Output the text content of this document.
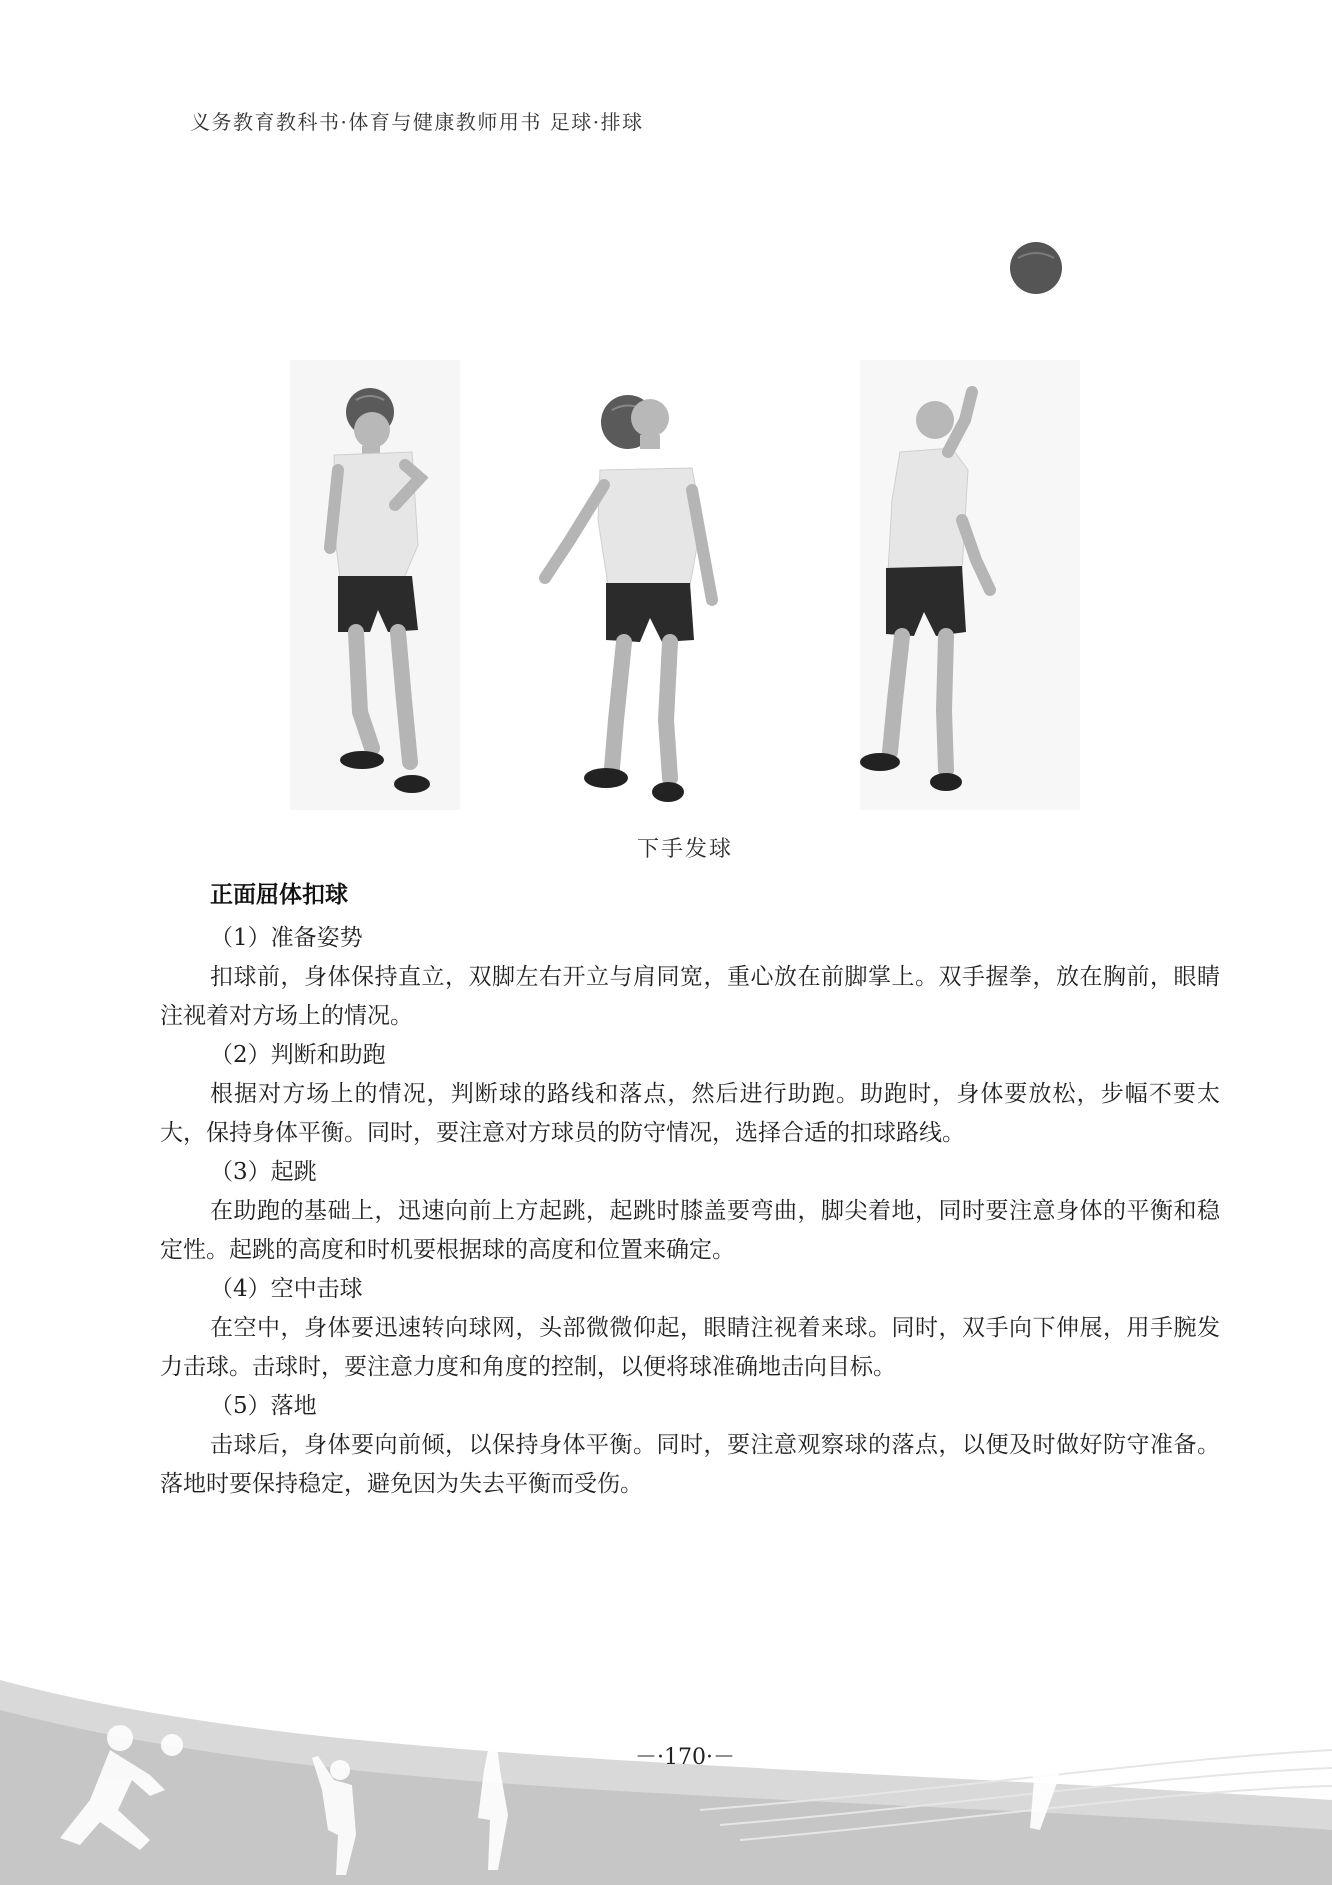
义务教育教科书·体育与健康教师用书 足球·排球
下手发球
正面屈体扣球
（1）准备姿势

扣球前，身体保持直立，双脚左右开立与肩同宽，重心放在前脚掌上。双手握拳，放在胸前，眼睛注视着对方场上的情况。

（2）判断和助跑

根据对方场上的情况，判断球的路线和落点，然后进行助跑。助跑时，身体要放松，步幅不要太大，保持身体平衡。同时，要注意对方球员的防守情况，选择合适的扣球路线。

（3）起跳

在助跑的基础上，迅速向前上方起跳，起跳时膝盖要弯曲，脚尖着地，同时要注意身体的平衡和稳定性。起跳的高度和时机要根据球的高度和位置来确定。

（4）空中击球

在空中，身体要迅速转向球网，头部微微仰起，眼睛注视着来球。同时，双手向下伸展，用手腕发力击球。击球时，要注意力度和角度的控制，以便将球准确地击向目标。

（5）落地

击球后，身体要向前倾，以保持身体平衡。同时，要注意观察球的落点，以便及时做好防守准备。落地时要保持稳定，避免因为失去平衡而受伤。

－·170·－
